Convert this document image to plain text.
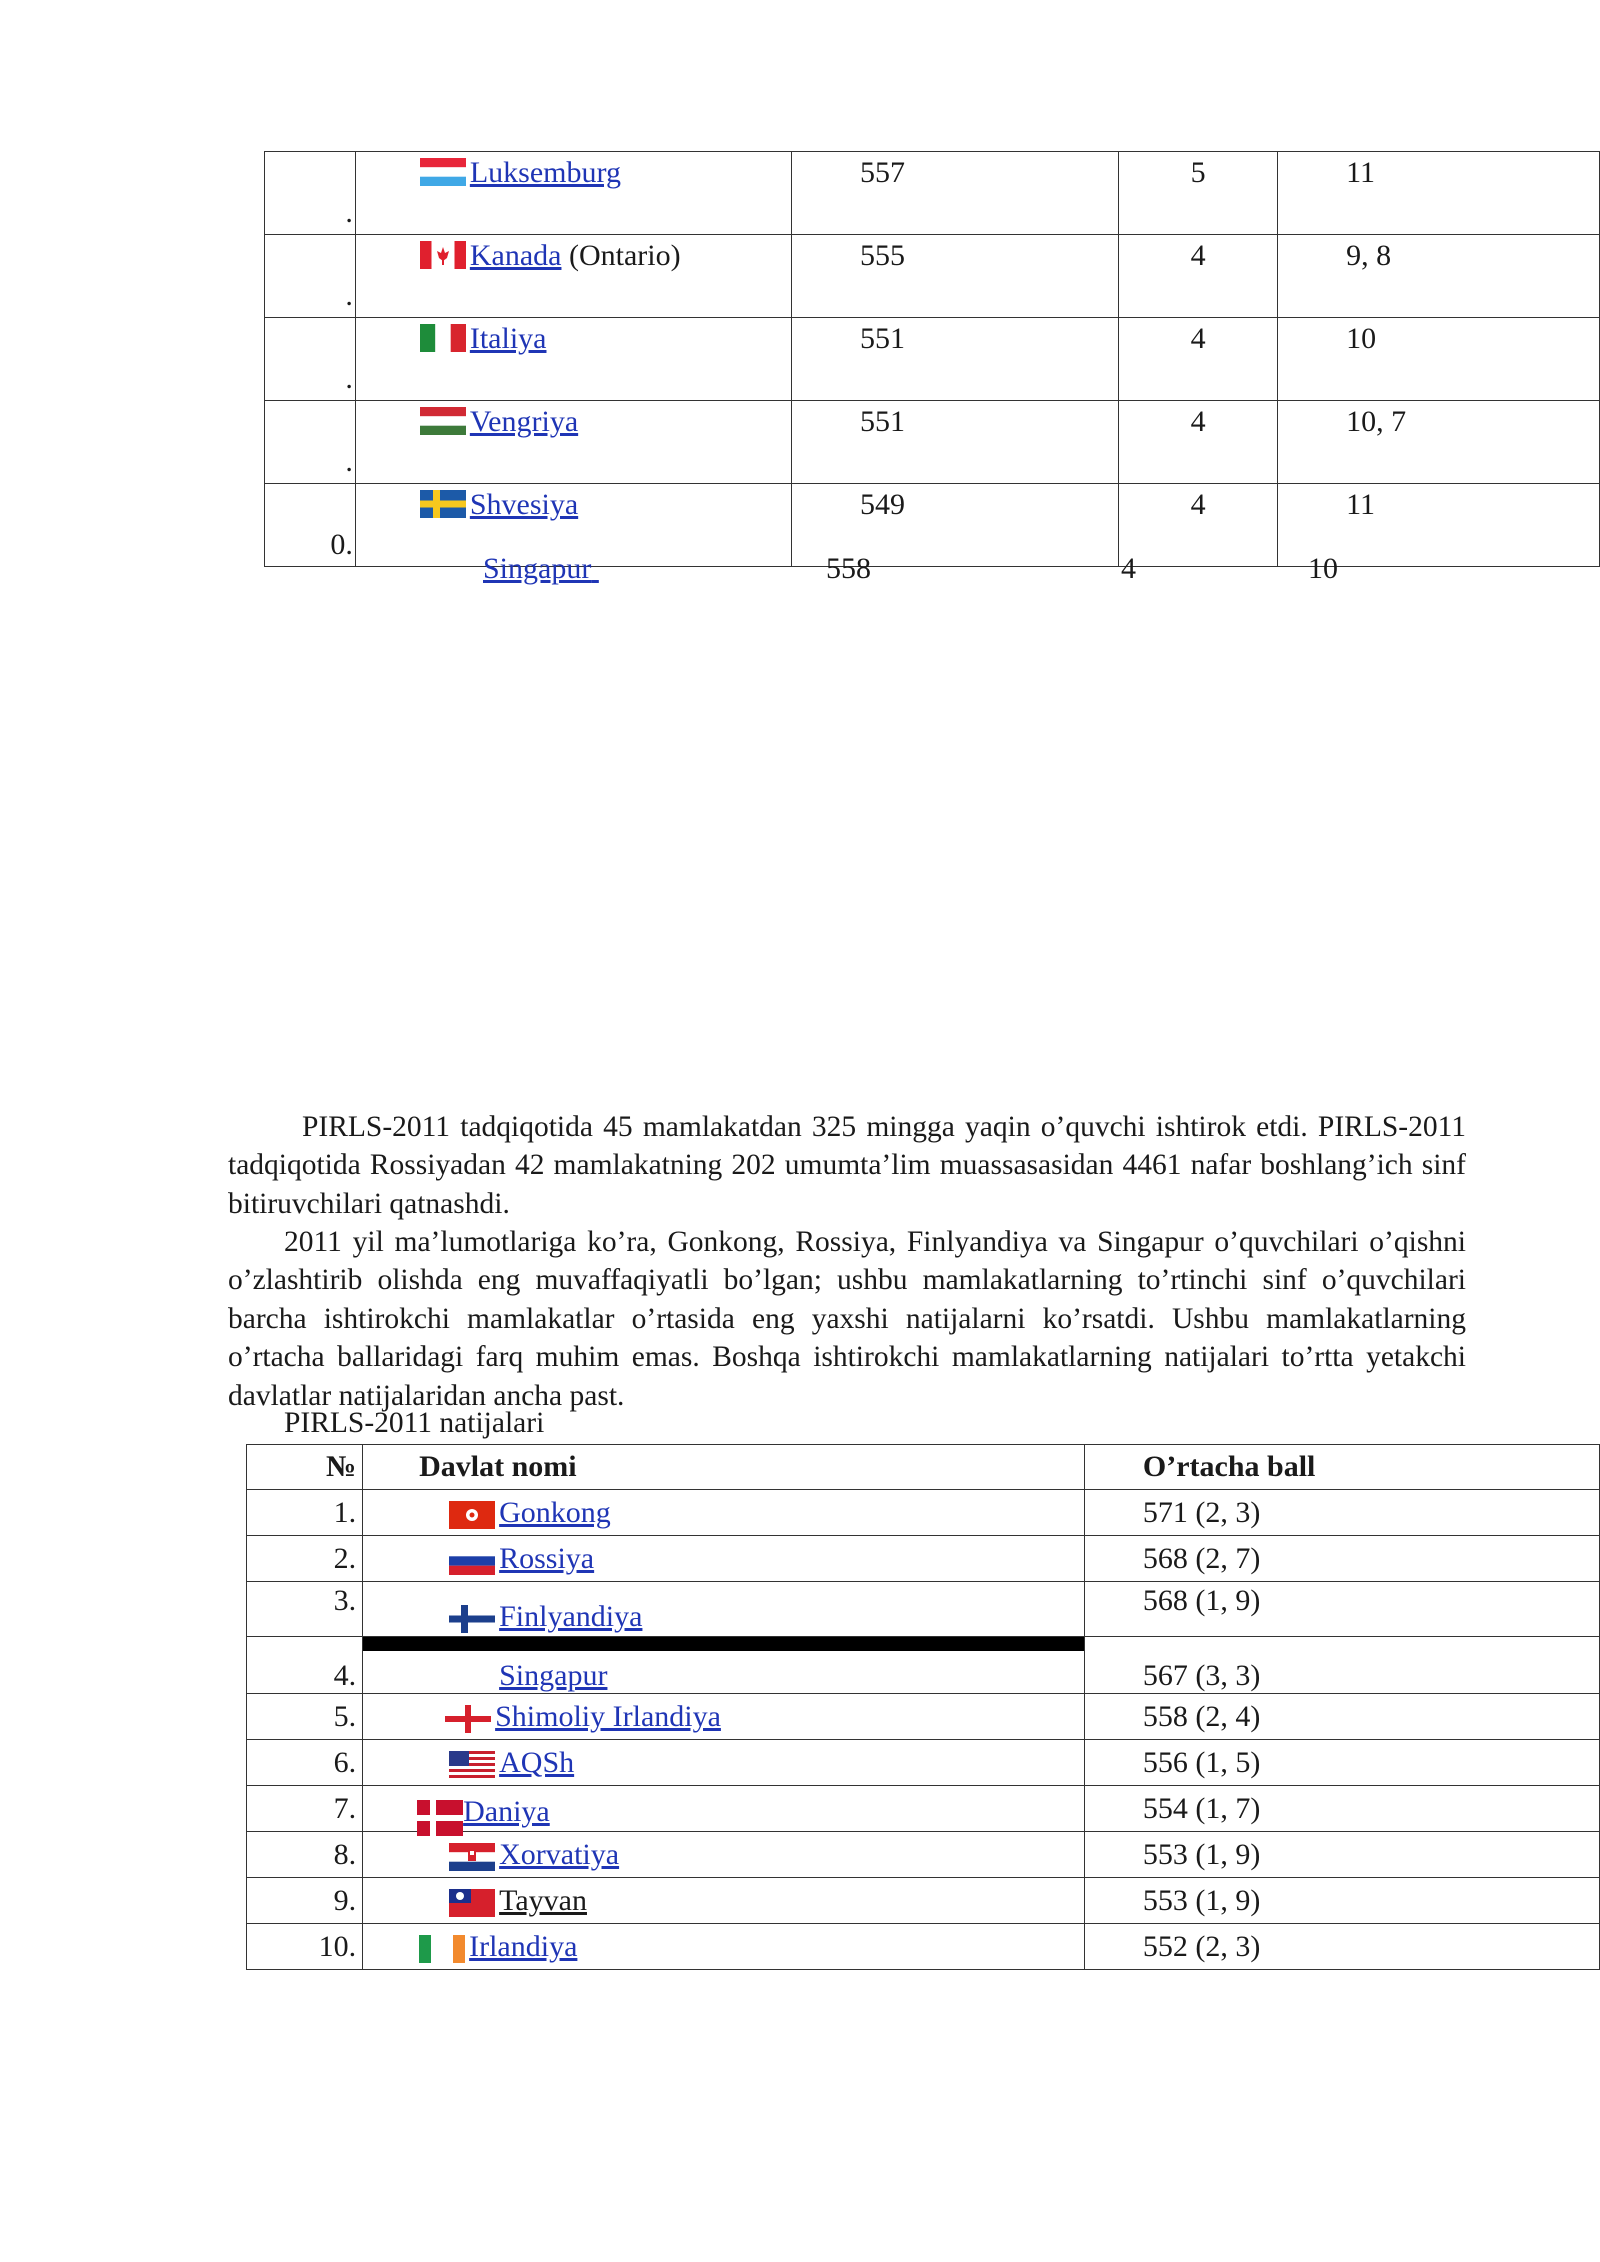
.	Luksemburg	557	5	11
.	Kanada (Ontario)	555	4	9, 8
.	Italiya	551	4	10
.	Vengriya	551	4	10, 7
0.	Shvesiya	549	4	11
Singapur	558	4	10

PIRLS-2011 tadqiqotida 45 mamlakatdan 325 mingga yaqin o’quvchi ishtirok etdi. PIRLS-2011 tadqiqotida Rossiyadan 42 mamlakatning 202 umumta’lim muassasasidan 4461 nafar boshlang’ich sinf bitiruvchilari qatnashdi.

2011 yil ma’lumotlariga ko’ra, Gonkong, Rossiya, Finlyandiya va Singapur o’quvchilari o’qishni o’zlashtirib olishda eng muvaffaqiyatli bo’lgan; ushbu mamlakatlarning to’rtinchi sinf o’quvchilari barcha ishtirokchi mamlakatlar o’rtasida eng yaxshi natijalarni ko’rsatdi. Ushbu mamlakatlarning o’rtacha ballaridagi farq muhim emas. Boshqa ishtirokchi mamlakatlarning natijalari to’rtta yetakchi davlatlar natijalaridan ancha past.

PIRLS-2011 natijalari
№	Davlat nomi	O’rtacha ball
1.	Gonkong	571 (2, 3)
2.	Rossiya	568 (2, 7)
3.	Finlyandiya	568 (1, 9)
4.	Singapur	567 (3, 3)
5.	Shimoliy Irlandiya	558 (2, 4)
6.	AQSh	556 (1, 5)
7.	Daniya	554 (1, 7)
8.	Xorvatiya	553 (1, 9)
9.	Tayvan	553 (1, 9)
10.	Irlandiya	552 (2, 3)
